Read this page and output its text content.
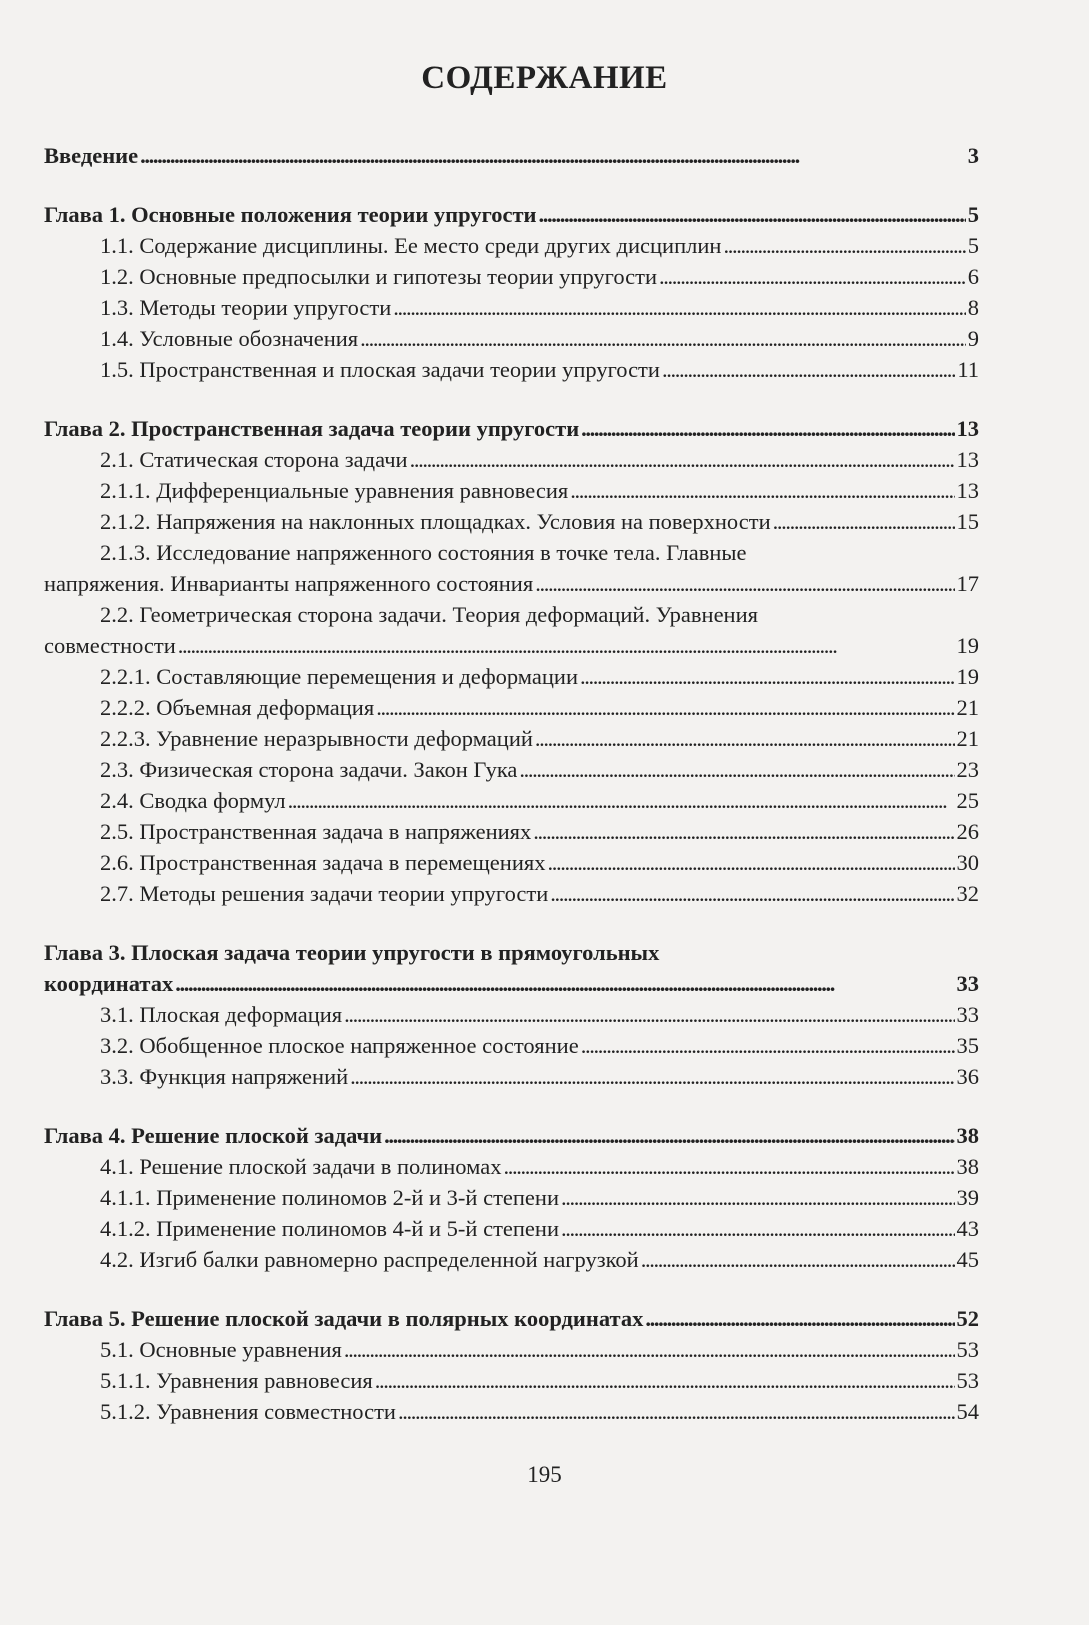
СОДЕРЖАНИЕ
Введение . . .	3
Глава 1. Основные положения теории упругости . . .	5
1.1. Содержание дисциплины. Ее место среди других дисциплин . . .	5
1.2. Основные предпосылки и гипотезы теории упругости . . .	6
1.3. Методы теории упругости . . .	8
1.4. Условные обозначения . . .	9
1.5. Пространственная и плоская задачи теории упругости . . .	11
Глава 2. Пространственная задача теории упругости . . .	13
2.1. Статическая сторона задачи . . .	13
2.1.1. Дифференциальные уравнения равновесия . . .	13
2.1.2. Напряжения на наклонных площадках. Условия на поверхности . . .	15
2.1.3. Исследование напряженного состояния в точке тела. Главные
напряжения. Инварианты напряженного состояния . . .	17
2.2. Геометрическая сторона задачи. Теория деформаций. Уравнения
совместности . . .	19
2.2.1. Составляющие перемещения и деформации . . .	19
2.2.2. Объемная деформация . . .	21
2.2.3. Уравнение неразрывности деформаций . . .	21
2.3. Физическая сторона задачи. Закон Гука . . .	23
2.4. Сводка формул . . .	25
2.5. Пространственная задача в напряжениях . . .	26
2.6. Пространственная задача в перемещениях . . .	30
2.7. Методы решения задачи теории упругости . . .	32
Глава 3. Плоская задача теории упругости в прямоугольных
координатах . . .	33
3.1. Плоская деформация . . .	33
3.2. Обобщенное плоское напряженное состояние . . .	35
3.3. Функция напряжений . . .	36
Глава 4. Решение плоской задачи . . .	38
4.1. Решение плоской задачи в полиномах . . .	38
4.1.1. Применение полиномов 2-й и 3-й степени . . .	39
4.1.2. Применение полиномов 4-й и 5-й степени . . .	43
4.2. Изгиб балки равномерно распределенной нагрузкой . . .	45
Глава 5. Решение плоской задачи в полярных координатах . . .	52
5.1. Основные уравнения . . .	53
5.1.1. Уравнения равновесия . . .	53
5.1.2. Уравнения совместности . . .	54
195
